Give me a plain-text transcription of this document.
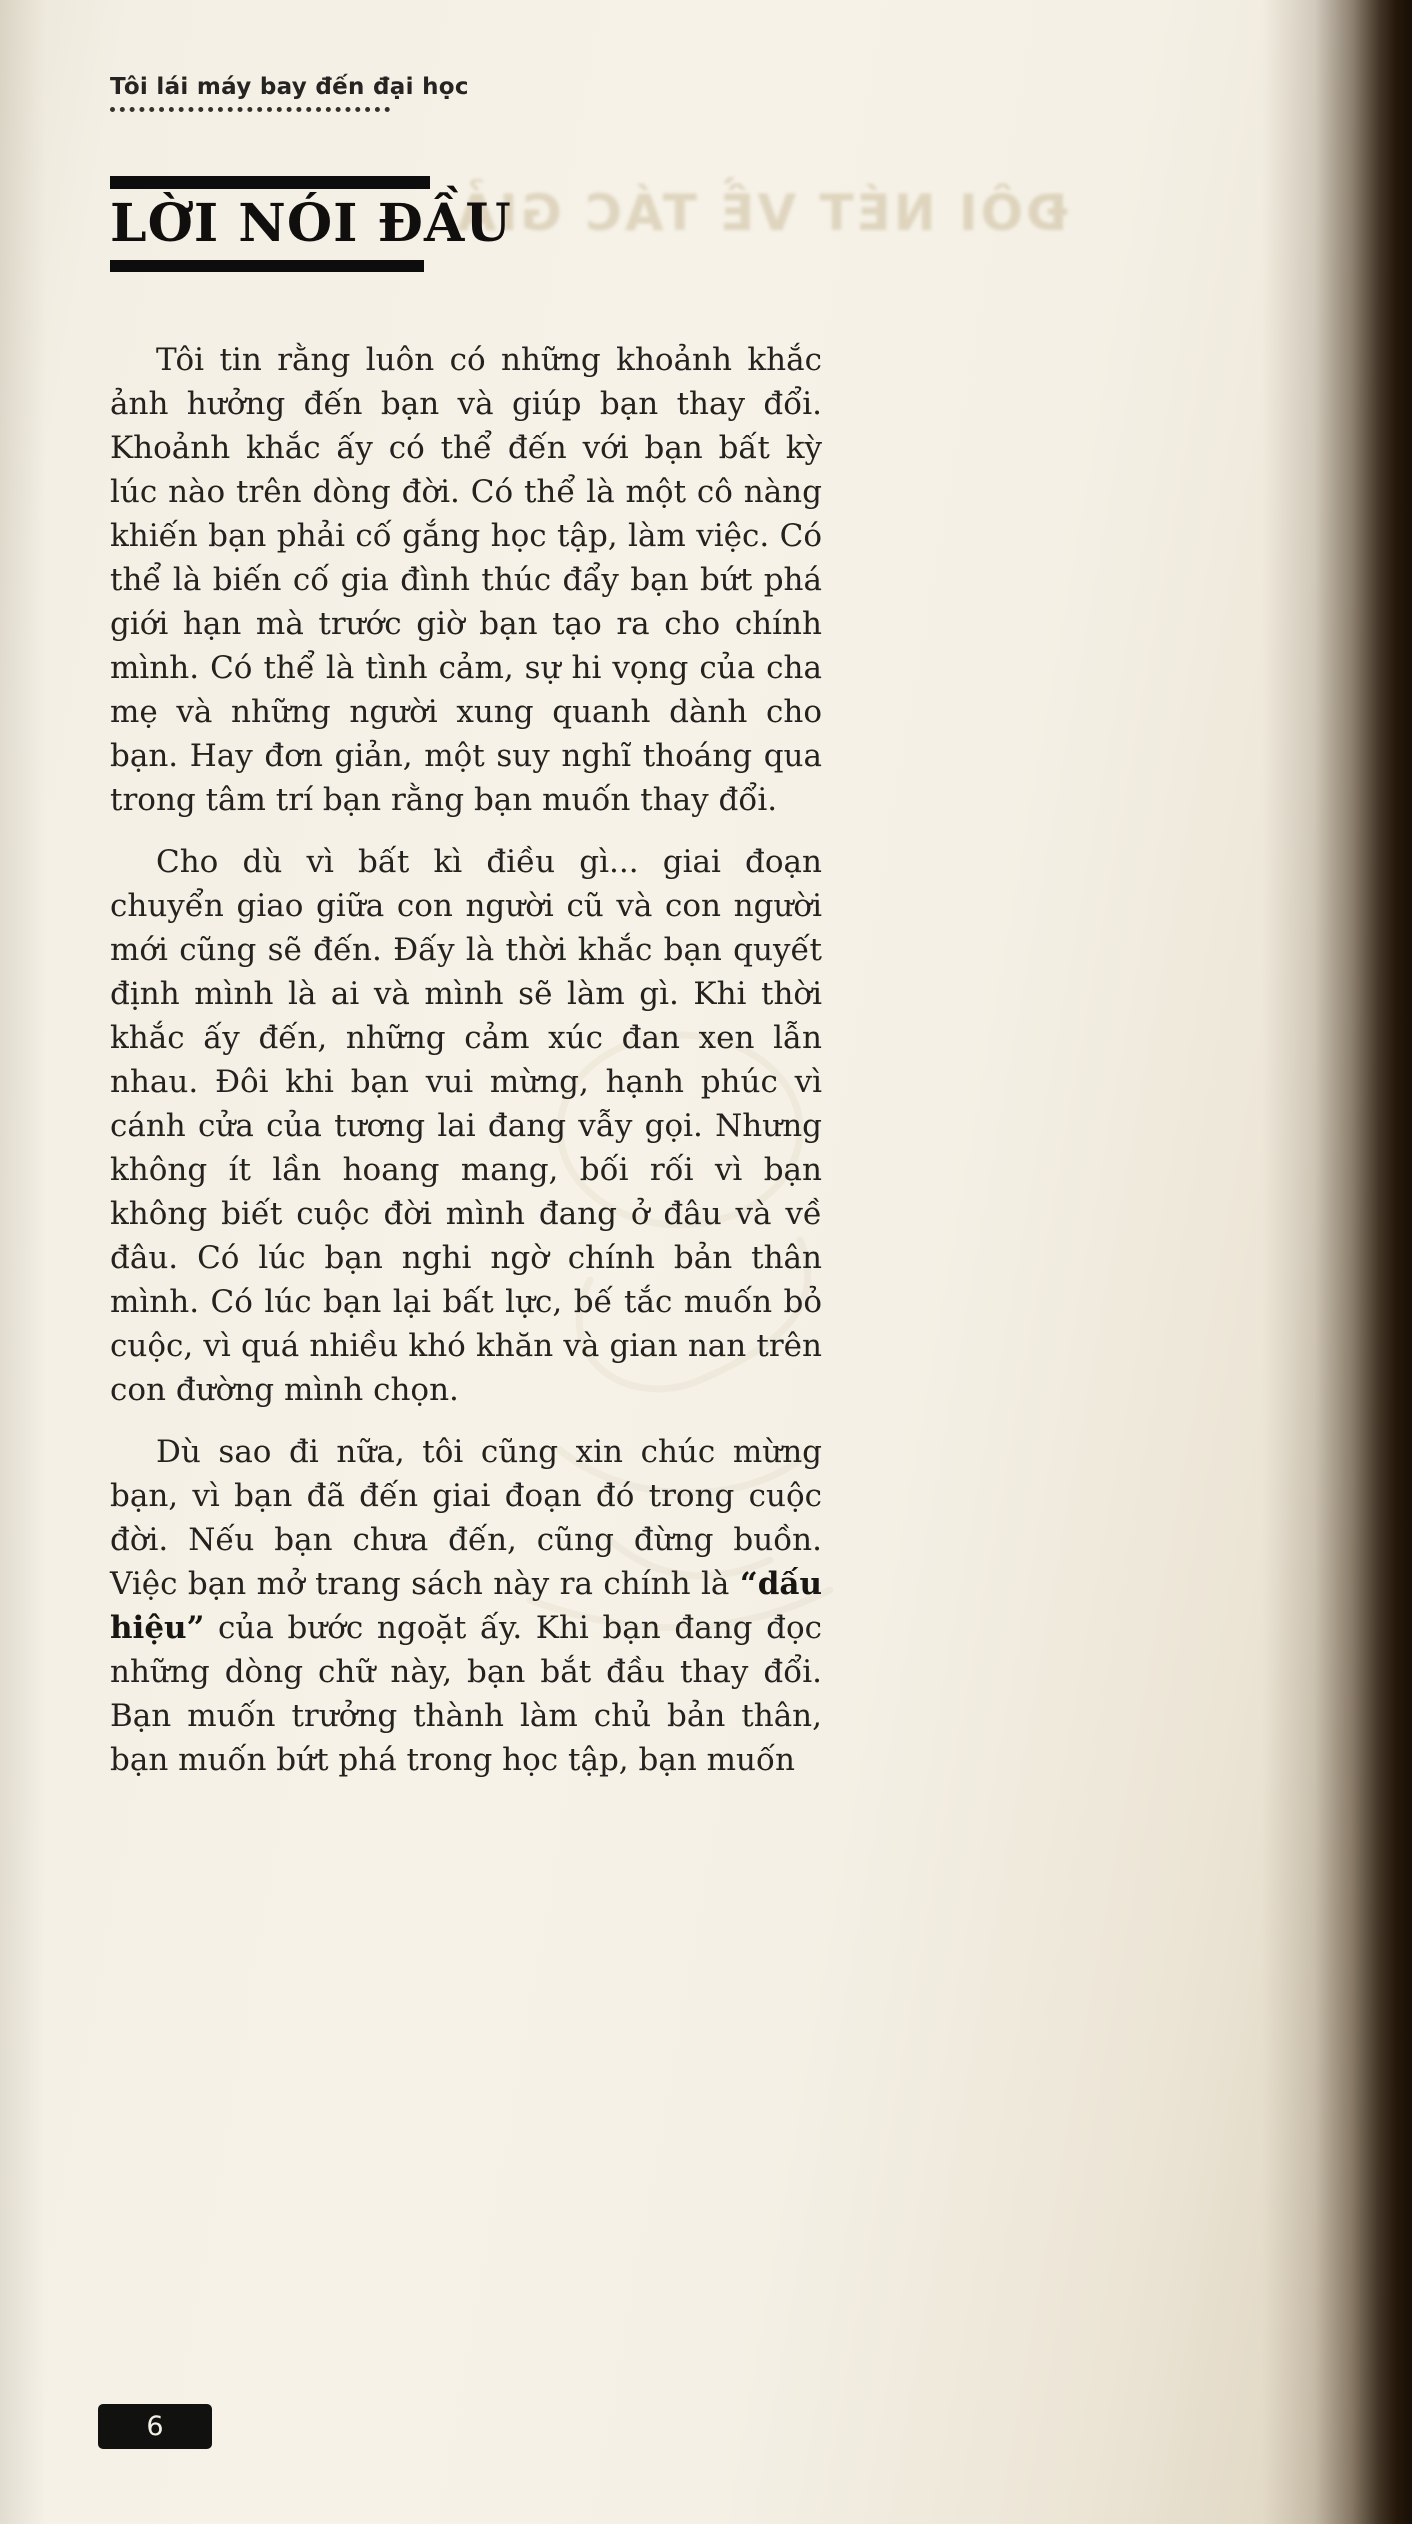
ĐÔI NÉT VỀ TÁC GIẢ
Tôi lái máy bay đến đại học
LỜI NÓI ĐẦU

Tôi tin rằng luôn có những khoảnh khắc ảnh hưởng đến bạn và giúp bạn thay đổi. Khoảnh khắc ấy có thể đến với bạn bất kỳ lúc nào trên dòng đời. Có thể là một cô nàng khiến bạn phải cố gắng học tập, làm việc. Có thể là biến cố gia đình thúc đẩy bạn bứt phá giới hạn mà trước giờ bạn tạo ra cho chính mình. Có thể là tình cảm, sự hi vọng của cha mẹ và những người xung quanh dành cho bạn. Hay đơn giản, một suy nghĩ thoáng qua trong tâm trí bạn rằng bạn muốn thay đổi.

Cho dù vì bất kì điều gì... giai đoạn chuyển giao giữa con người cũ và con người mới cũng sẽ đến. Đấy là thời khắc bạn quyết định mình là ai và mình sẽ làm gì. Khi thời khắc ấy đến, những cảm xúc đan xen lẫn nhau. Đôi khi bạn vui mừng, hạnh phúc vì cánh cửa của tương lai đang vẫy gọi. Nhưng không ít lần hoang mang, bối rối vì bạn không biết cuộc đời mình đang ở đâu và về đâu. Có lúc bạn nghi ngờ chính bản thân mình. Có lúc bạn lại bất lực, bế tắc muốn bỏ cuộc, vì quá nhiều khó khăn và gian nan trên con đường mình chọn.

Dù sao đi nữa, tôi cũng xin chúc mừng bạn, vì bạn đã đến giai đoạn đó trong cuộc đời. Nếu bạn chưa đến, cũng đừng buồn. Việc bạn mở trang sách này ra chính là “dấu hiệu” của bước ngoặt ấy. Khi bạn đang đọc những dòng chữ này, bạn bắt đầu thay đổi. Bạn muốn trưởng thành làm chủ bản thân, bạn muốn bứt phá trong học tập, bạn muốn

6
